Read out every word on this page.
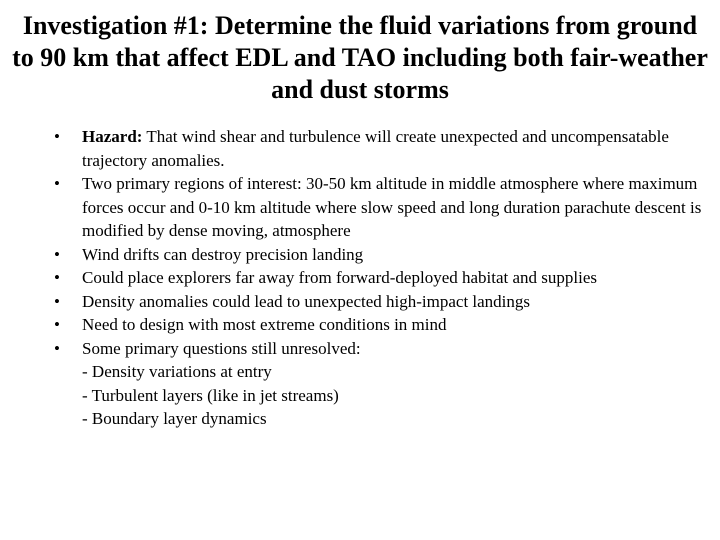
Investigation #1: Determine the fluid variations from ground to 90 km that affect EDL and TAO including both fair-weather and dust storms
• Hazard: That wind shear and turbulence will create unexpected and uncompensatable trajectory anomalies.
• Two primary regions of interest: 30-50 km altitude in middle atmosphere where maximum forces occur and 0-10 km altitude where slow speed and long duration parachute descent is modified by dense moving, atmosphere
• Wind drifts can destroy precision landing
• Could place explorers far away from forward-deployed habitat and supplies
• Density anomalies could lead to unexpected high-impact landings
• Need to design with most extreme conditions in mind
• Some primary questions still unresolved:
- Density variations at entry
- Turbulent layers (like in jet streams)
- Boundary layer dynamics
